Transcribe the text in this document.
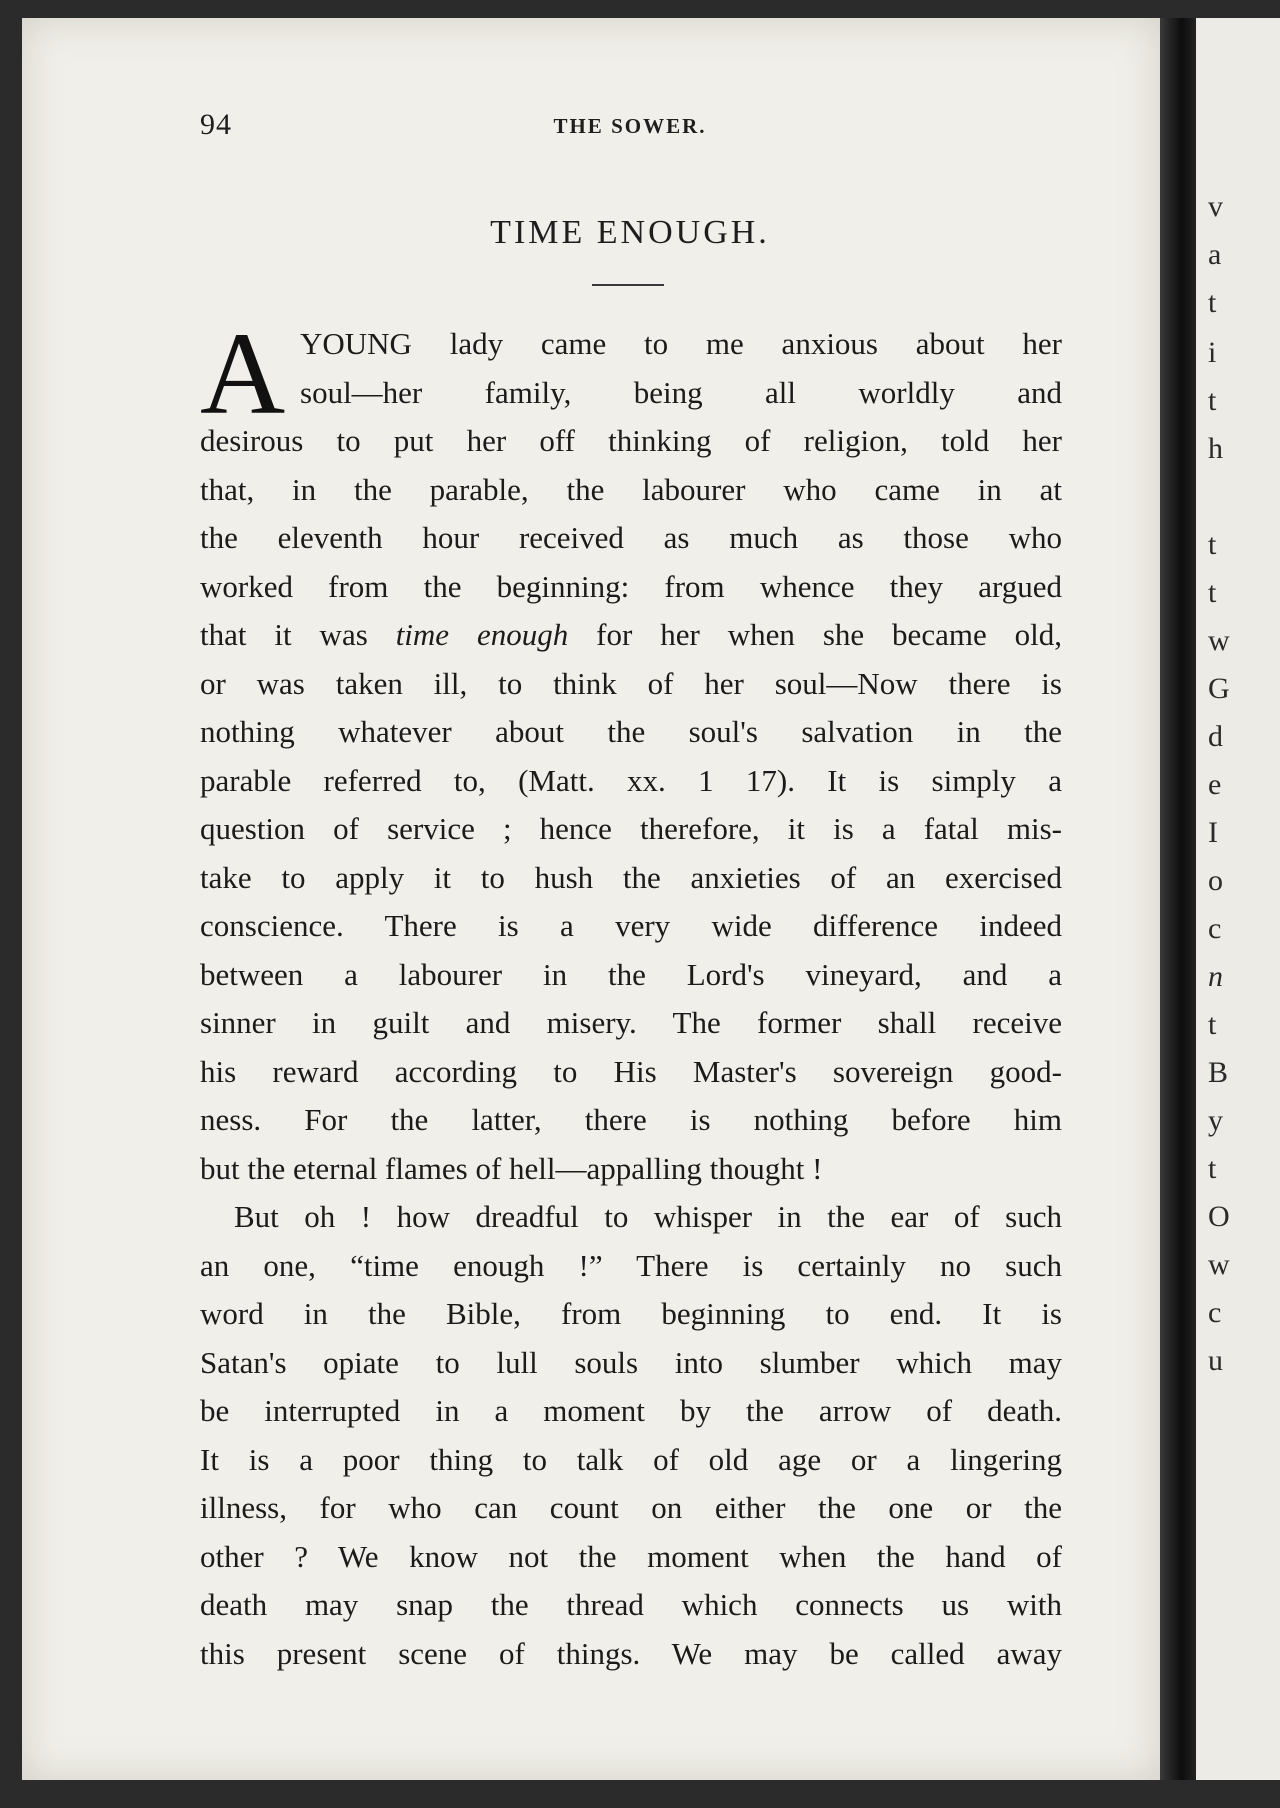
v
a
t
i
t
h
t
t
w
G
d
e
I
o
c
n
t
B
y
t
O
w
c
u
94	THE SOWER.
TIME ENOUGH.
A YOUNG lady came to me anxious about her
soul—her family, being all worldly and
desirous to put her off thinking of religion, told her
that, in the parable, the labourer who came in at
the eleventh hour received as much as those who
worked from the beginning: from whence they argued
that it was time enough for her when she became old,
or was taken ill, to think of her soul—Now there is
nothing whatever about the soul's salvation in the
parable referred to, (Matt. xx. 1 17). It is simply a
question of service ; hence therefore, it is a fatal mis-
take to apply it to hush the anxieties of an exercised
conscience. There is a very wide difference indeed
between a labourer in the Lord's vineyard, and a
sinner in guilt and misery. The former shall receive
his reward according to His Master's sovereign good-
ness. For the latter, there is nothing before him
but the eternal flames of hell—appalling thought !
But oh ! how dreadful to whisper in the ear of such
an one, “time enough !” There is certainly no such
word in the Bible, from beginning to end. It is
Satan's opiate to lull souls into slumber which may
be interrupted in a moment by the arrow of death.
It is a poor thing to talk of old age or a lingering
illness, for who can count on either the one or the
other ? We know not the moment when the hand of
death may snap the thread which connects us with
this present scene of things. We may be called away
